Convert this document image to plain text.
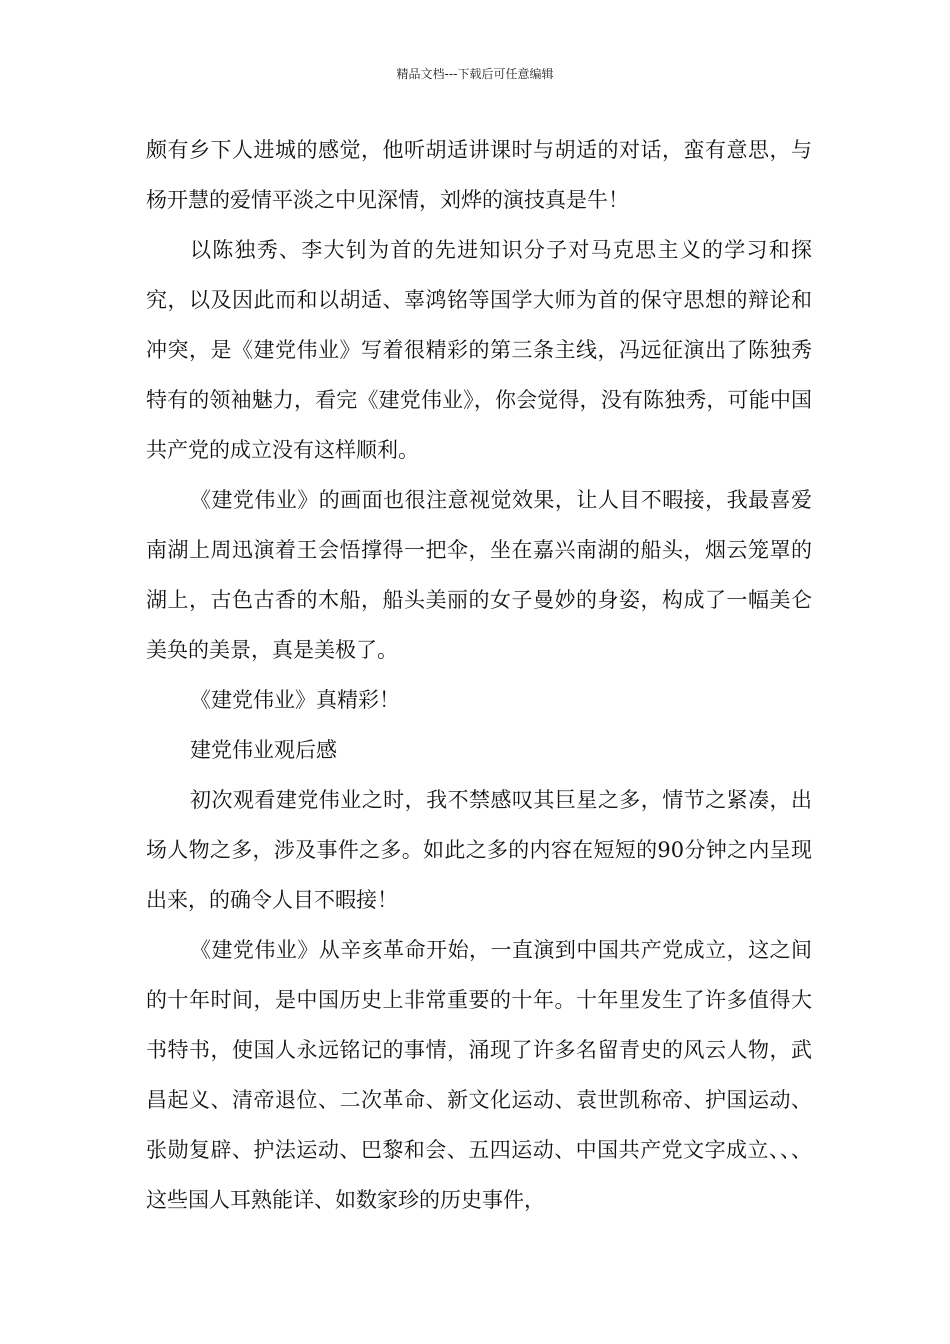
精品文档---下载后可任意编辑

颇有乡下人进城的感觉，他听胡适讲课时与胡适的对话，蛮有意思，与杨开慧的爱情平淡之中见深情，刘烨的演技真是牛！

以陈独秀、李大钊为首的先进知识分子对马克思主义的学习和探究，以及因此而和以胡适、辜鸿铭等国学大师为首的保守思想的辩论和冲突，是《建党伟业》写着很精彩的第三条主线，冯远征演出了陈独秀特有的领袖魅力，看完《建党伟业》，你会觉得，没有陈独秀，可能中国共产党的成立没有这样顺利。

《建党伟业》的画面也很注意视觉效果，让人目不暇接，我最喜爱南湖上周迅演着王会悟撑得一把伞，坐在嘉兴南湖的船头，烟云笼罩的湖上，古色古香的木船，船头美丽的女子曼妙的身姿，构成了一幅美仑美奂的美景，真是美极了。

《建党伟业》真精彩！

建党伟业观后感

初次观看建党伟业之时，我不禁感叹其巨星之多，情节之紧凑，出场人物之多，涉及事件之多。如此之多的内容在短短的90分钟之内呈现出来，的确令人目不暇接！

《建党伟业》从辛亥革命开始，一直演到中国共产党成立，这之间的十年时间，是中国历史上非常重要的十年。十年里发生了许多值得大书特书，使国人永远铭记的事情，涌现了许多名留青史的风云人物，武昌起义、清帝退位、二次革命、新文化运动、袁世凯称帝、护国运动、张勋复辟、护法运动、巴黎和会、五四运动、中国共产党文字成立、、、这些国人耳熟能详、如数家珍的历史事件，
